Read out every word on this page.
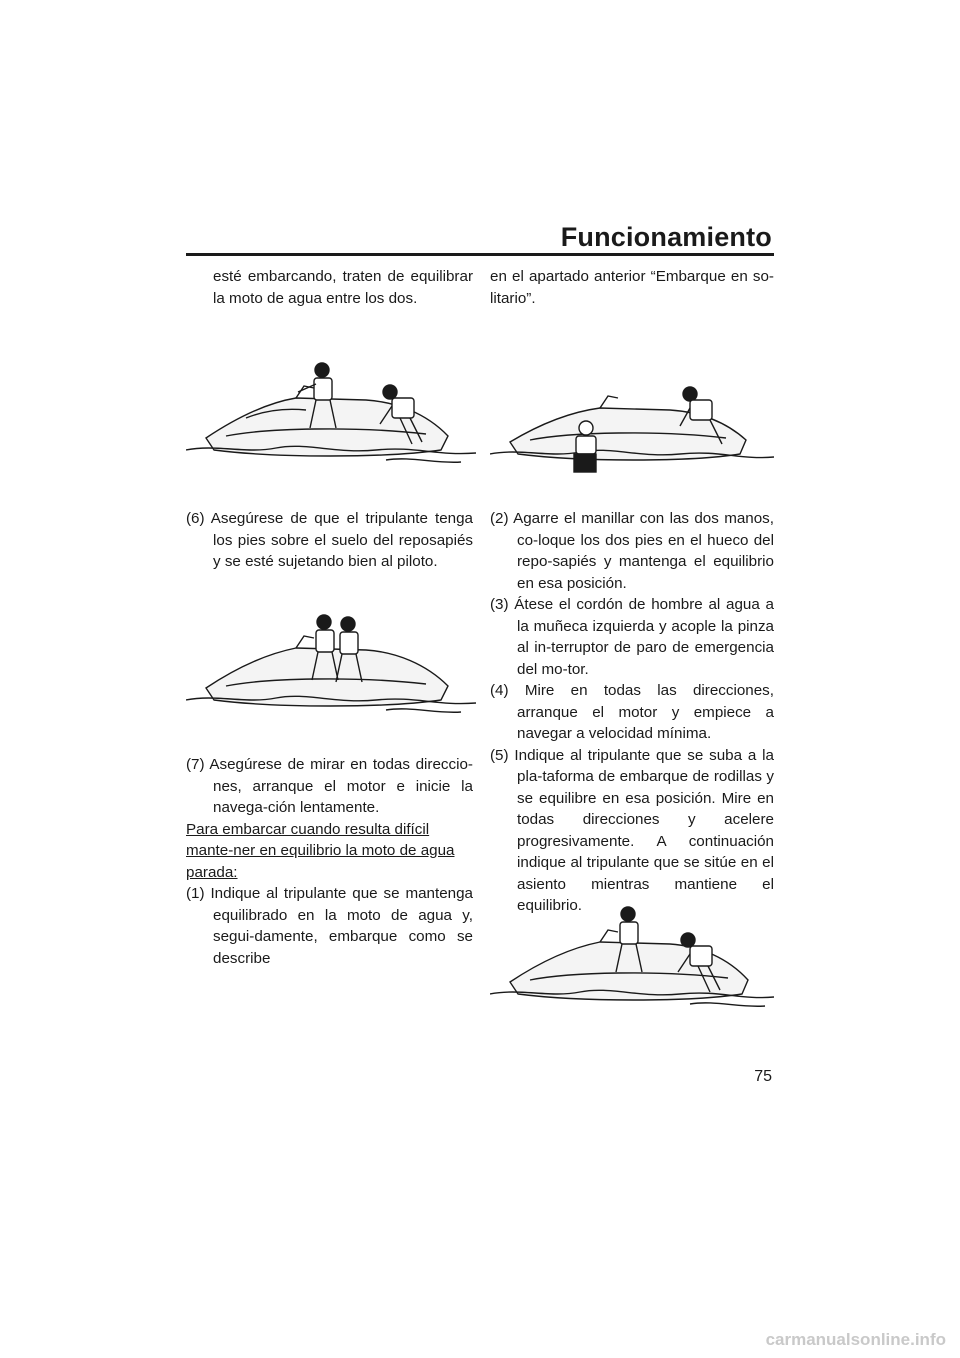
Funcionamiento

esté embarcando, traten de equilibrar la moto de agua entre los dos.

(6) Asegúrese de que el tripulante tenga los pies sobre el suelo del reposapiés y se esté sujetando bien al piloto.

(7) Asegúrese de mirar en todas direccio-nes, arranque el motor e inicie la navega-ción lentamente.

Para embarcar cuando resulta difícil mante-ner en equilibrio la moto de agua parada:

(1) Indique al tripulante que se mantenga equilibrado en la moto de agua y, segui-damente, embarque como se describe

en el apartado anterior “Embarque en so-litario”.

(2) Agarre el manillar con las dos manos, co-loque los dos pies en el hueco del repo-sapiés y mantenga el equilibrio en esa posición.

(3) Átese el cordón de hombre al agua a la muñeca izquierda y acople la pinza al in-terruptor de paro de emergencia del mo-tor.

(4) Mire en todas las direcciones, arranque el motor y empiece a navegar a velocidad mínima.

(5) Indique al tripulante que se suba a la pla-taforma de embarque de rodillas y se equilibre en esa posición. Mire en todas direcciones y acelere progresivamente. A continuación indique al tripulante que se sitúe en el asiento mientras mantiene el equilibrio.

75
carmanualsonline.info
